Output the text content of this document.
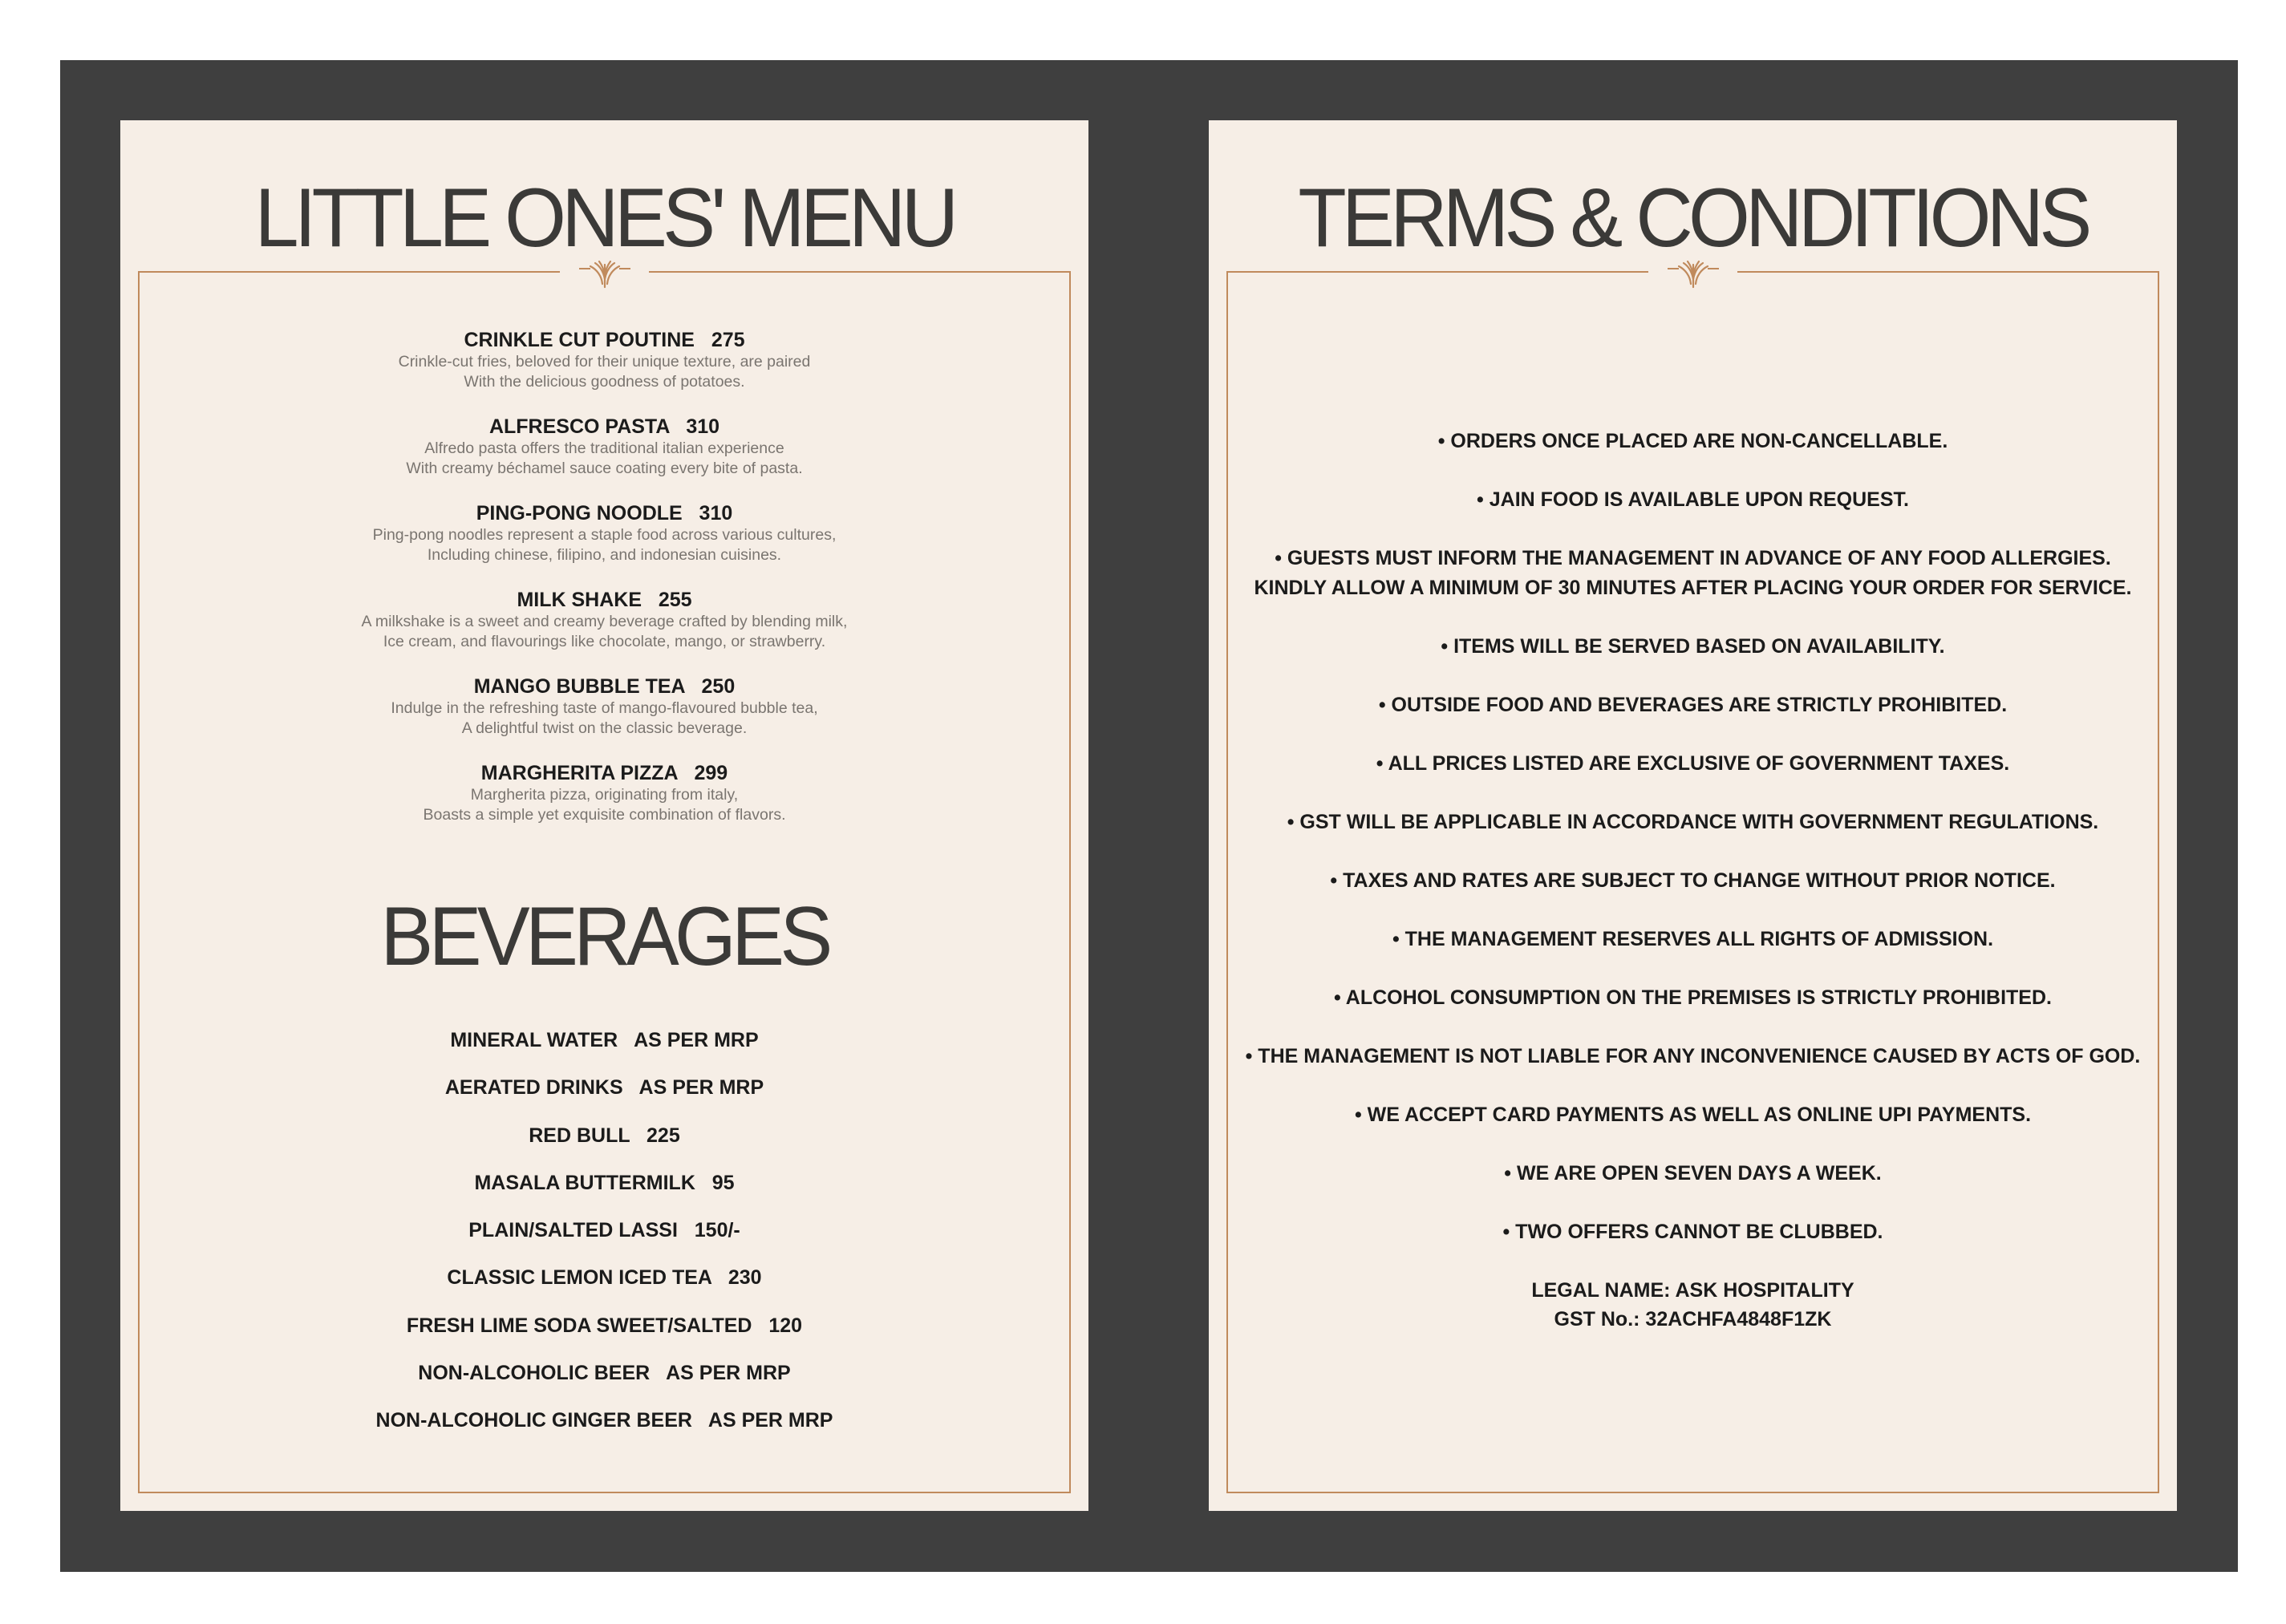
LITTLE ONES' MENU
CRINKLE CUT POUTINE 275
Crinkle-cut fries, beloved for their unique texture, are paired
With the delicious goodness of potatoes.
ALFRESCO PASTA 310
Alfredo pasta offers the traditional italian experience
With creamy béchamel sauce coating every bite of pasta.
PING-PONG NOODLE 310
Ping-pong noodles represent a staple food across various cultures,
Including chinese, filipino, and indonesian cuisines.
MILK SHAKE 255
A milkshake is a sweet and creamy beverage crafted by blending milk,
Ice cream, and flavourings like chocolate, mango, or strawberry.
MANGO BUBBLE TEA 250
Indulge in the refreshing taste of mango-flavoured bubble tea,
A delightful twist on the classic beverage.
MARGHERITA PIZZA 299
Margherita pizza, originating from italy,
Boasts a simple yet exquisite combination of flavors.
BEVERAGES
MINERAL WATER AS PER MRP
AERATED DRINKS AS PER MRP
RED BULL 225
MASALA BUTTERMILK 95
PLAIN/SALTED LASSI 150/-
CLASSIC LEMON ICED TEA 230
FRESH LIME SODA SWEET/SALTED 120
NON-ALCOHOLIC BEER AS PER MRP
NON-ALCOHOLIC GINGER BEER AS PER MRP
TERMS & CONDITIONS
• ORDERS ONCE PLACED ARE NON-CANCELLABLE.
• JAIN FOOD IS AVAILABLE UPON REQUEST.
• GUESTS MUST INFORM THE MANAGEMENT IN ADVANCE OF ANY FOOD ALLERGIES.
KINDLY ALLOW A MINIMUM OF 30 MINUTES AFTER PLACING YOUR ORDER FOR SERVICE.
• ITEMS WILL BE SERVED BASED ON AVAILABILITY.
• OUTSIDE FOOD AND BEVERAGES ARE STRICTLY PROHIBITED.
• ALL PRICES LISTED ARE EXCLUSIVE OF GOVERNMENT TAXES.
• GST WILL BE APPLICABLE IN ACCORDANCE WITH GOVERNMENT REGULATIONS.
• TAXES AND RATES ARE SUBJECT TO CHANGE WITHOUT PRIOR NOTICE.
• THE MANAGEMENT RESERVES ALL RIGHTS OF ADMISSION.
• ALCOHOL CONSUMPTION ON THE PREMISES IS STRICTLY PROHIBITED.
• THE MANAGEMENT IS NOT LIABLE FOR ANY INCONVENIENCE CAUSED BY ACTS OF GOD.
• WE ACCEPT CARD PAYMENTS AS WELL AS ONLINE UPI PAYMENTS.
• WE ARE OPEN SEVEN DAYS A WEEK.
• TWO OFFERS CANNOT BE CLUBBED.
LEGAL NAME: ASK HOSPITALITY
GST No.: 32ACHFA4848F1ZK
